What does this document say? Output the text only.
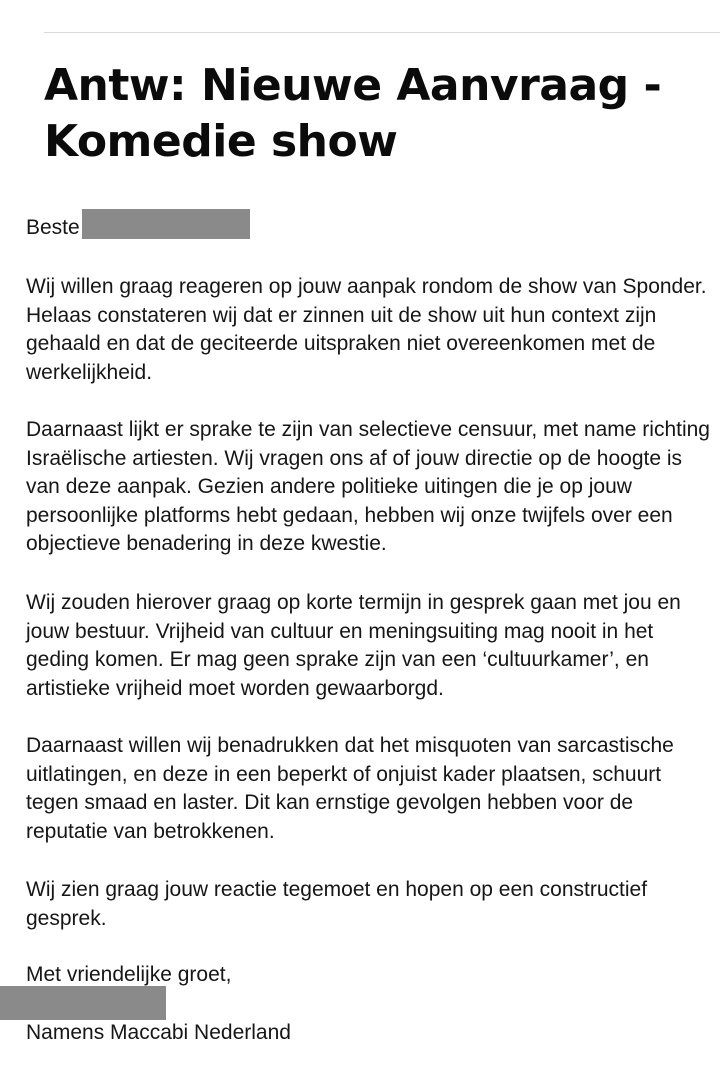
Antw: Nieuwe Aanvraag - Komedie show
Beste

Wij willen graag reageren op jouw aanpak rondom de show van Sponder. Helaas constateren wij dat er zinnen uit de show uit hun context zijn gehaald en dat de geciteerde uitspraken niet overeenkomen met de werkelijkheid.

Daarnaast lijkt er sprake te zijn van selectieve censuur, met name richting Israëlische artiesten. Wij vragen ons af of jouw directie op de hoogte is van deze aanpak. Gezien andere politieke uitingen die je op jouw persoonlijke platforms hebt gedaan, hebben wij onze twijfels over een objectieve benadering in deze kwestie.

Wij zouden hierover graag op korte termijn in gesprek gaan met jou en jouw bestuur. Vrijheid van cultuur en meningsuiting mag nooit in het geding komen. Er mag geen sprake zijn van een ‘cultuurkamer’, en artistieke vrijheid moet worden gewaarborgd.

Daarnaast willen wij benadrukken dat het misquoten van sarcastische uitlatingen, en deze in een beperkt of onjuist kader plaatsen, schuurt tegen smaad en laster. Dit kan ernstige gevolgen hebben voor de reputatie van betrokkenen.

Wij zien graag jouw reactie tegemoet en hopen op een constructief gesprek.

Met vriendelijke groet,
Namens Maccabi Nederland
